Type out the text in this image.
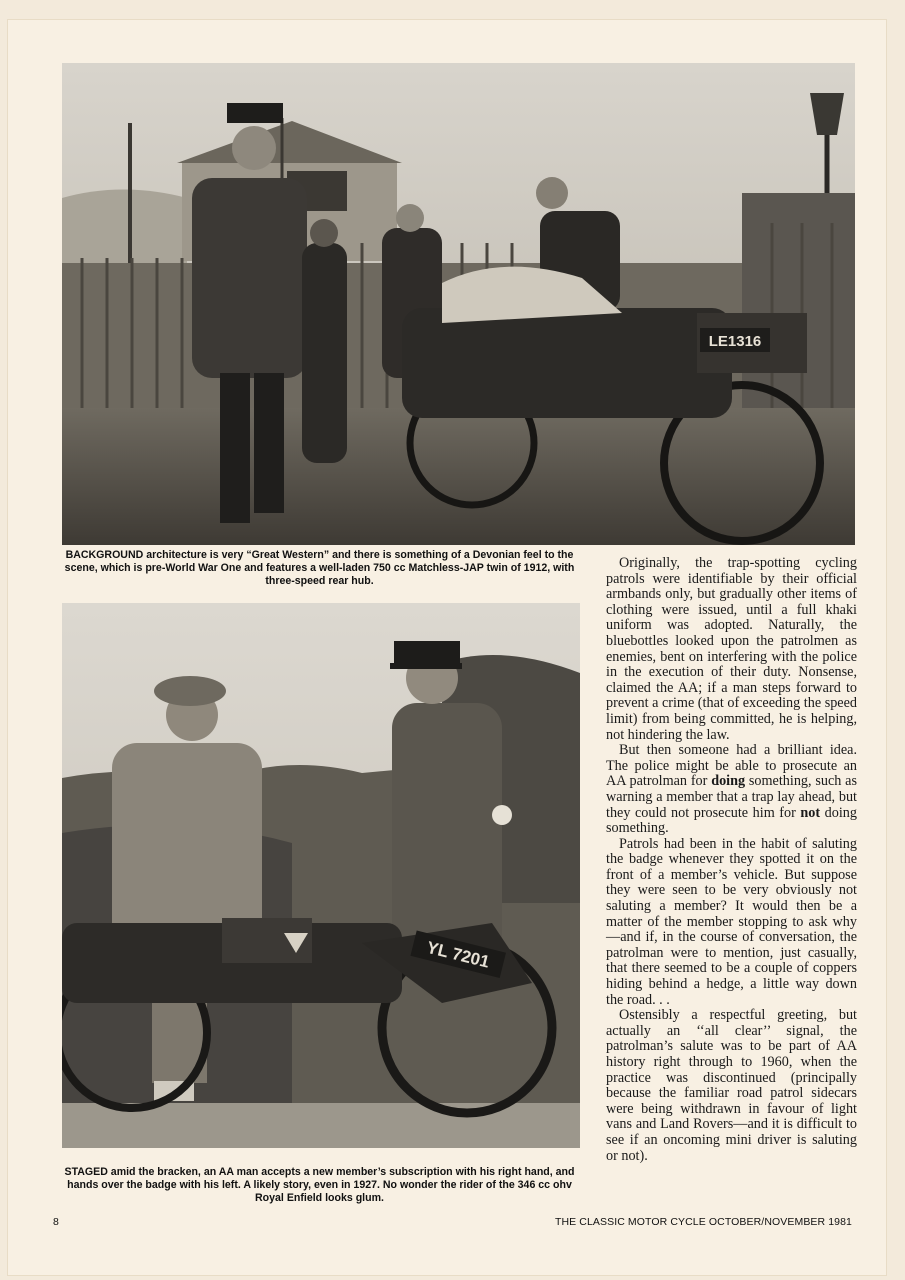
LE1316

BACKGROUND architecture is very “Great Western” and there is something of a Devonian feel to the scene, which is pre-World War One and features a well-laden 750 cc Matchless-JAP twin of 1912, with three-speed rear hub.

YL 7201

STAGED amid the bracken, an AA man accepts a new member’s subscription with his right hand, and hands over the badge with his left. A likely story, even in 1927. No wonder the rider of the 346 cc ohv Royal Enfield looks glum.

Originally, the trap-spotting cycling patrols were identifiable by their official armbands only, but gradually other items of clothing were issued, until a full khaki uniform was adopted. Naturally, the bluebottles looked upon the patrolmen as enemies, bent on interfering with the police in the execution of their duty. Nonsense, claimed the AA; if a man steps forward to prevent a crime (that of exceeding the speed limit) from being committed, he is helping, not hindering the law.

But then someone had a brilliant idea. The police might be able to prosecute an AA patrolman for doing something, such as warning a member that a trap lay ahead, but they could not prosecute him for not doing something.

Patrols had been in the habit of saluting the badge whenever they spotted it on the front of a member’s vehicle. But suppose they were seen to be very obviously not saluting a member? It would then be a matter of the member stopping to ask why—and if, in the course of conversation, the patrolman were to mention, just casually, that there seemed to be a couple of coppers hiding behind a hedge, a little way down the road. . .

Ostensibly a respectful greeting, but actually an ‘‘all clear’’ signal, the patrolman’s salute was to be part of AA history right through to 1960, when the practice was discontinued (principally because the familiar road patrol sidecars were being withdrawn in favour of light vans and Land Rovers—and it is difficult to see if an oncoming mini driver is saluting or not).

8	THE CLASSIC MOTOR CYCLE OCTOBER/NOVEMBER 1981
